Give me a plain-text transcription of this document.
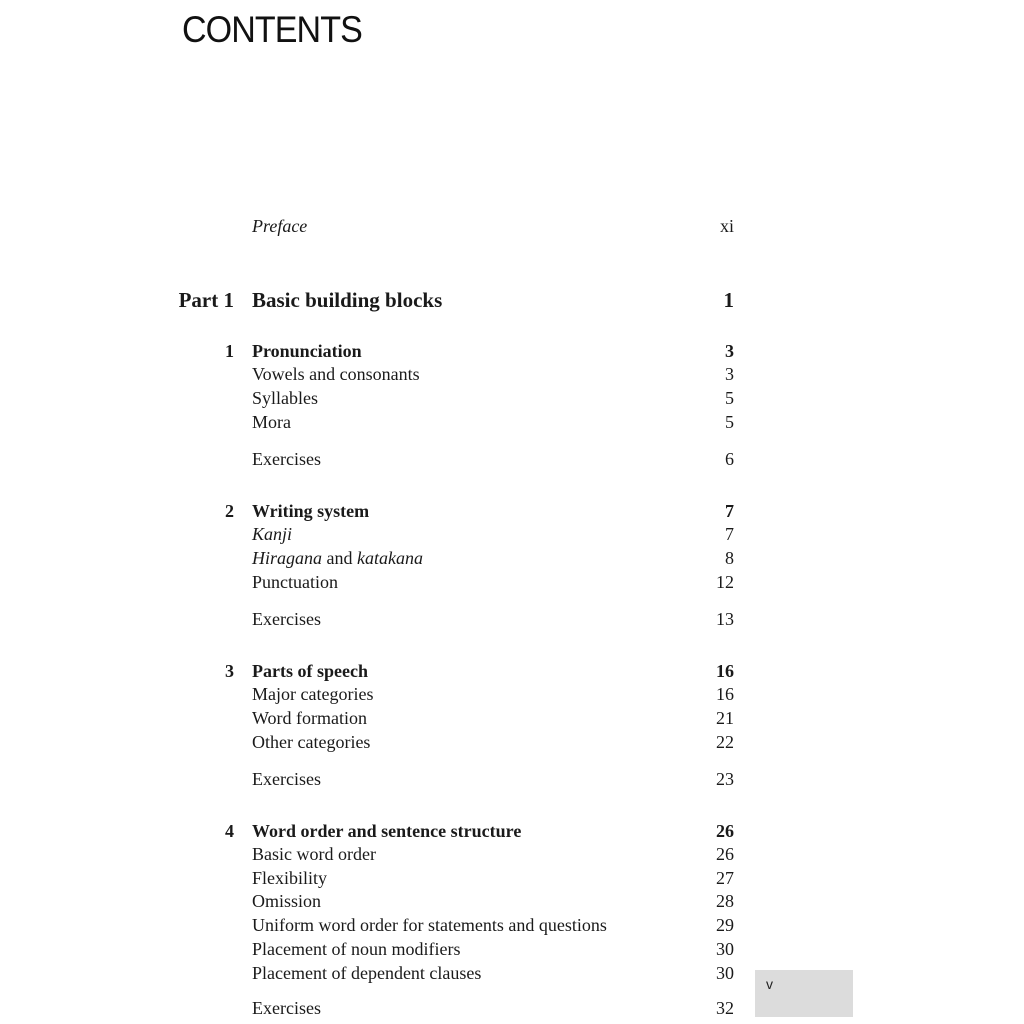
CONTENTS
Preface	xi
Part 1 Basic building blocks	1
1 Pronunciation	3
Vowels and consonants	3
Syllables	5
Mora	5
Exercises	6
2 Writing system	7
Kanji	7
Hiragana and katakana	8
Punctuation	12
Exercises	13
3 Parts of speech	16
Major categories	16
Word formation	21
Other categories	22
Exercises	23
4 Word order and sentence structure	26
Basic word order	26
Flexibility	27
Omission	28
Uniform word order for statements and questions	29
Placement of noun modifiers	30
Placement of dependent clauses	30
Exercises	32
v
